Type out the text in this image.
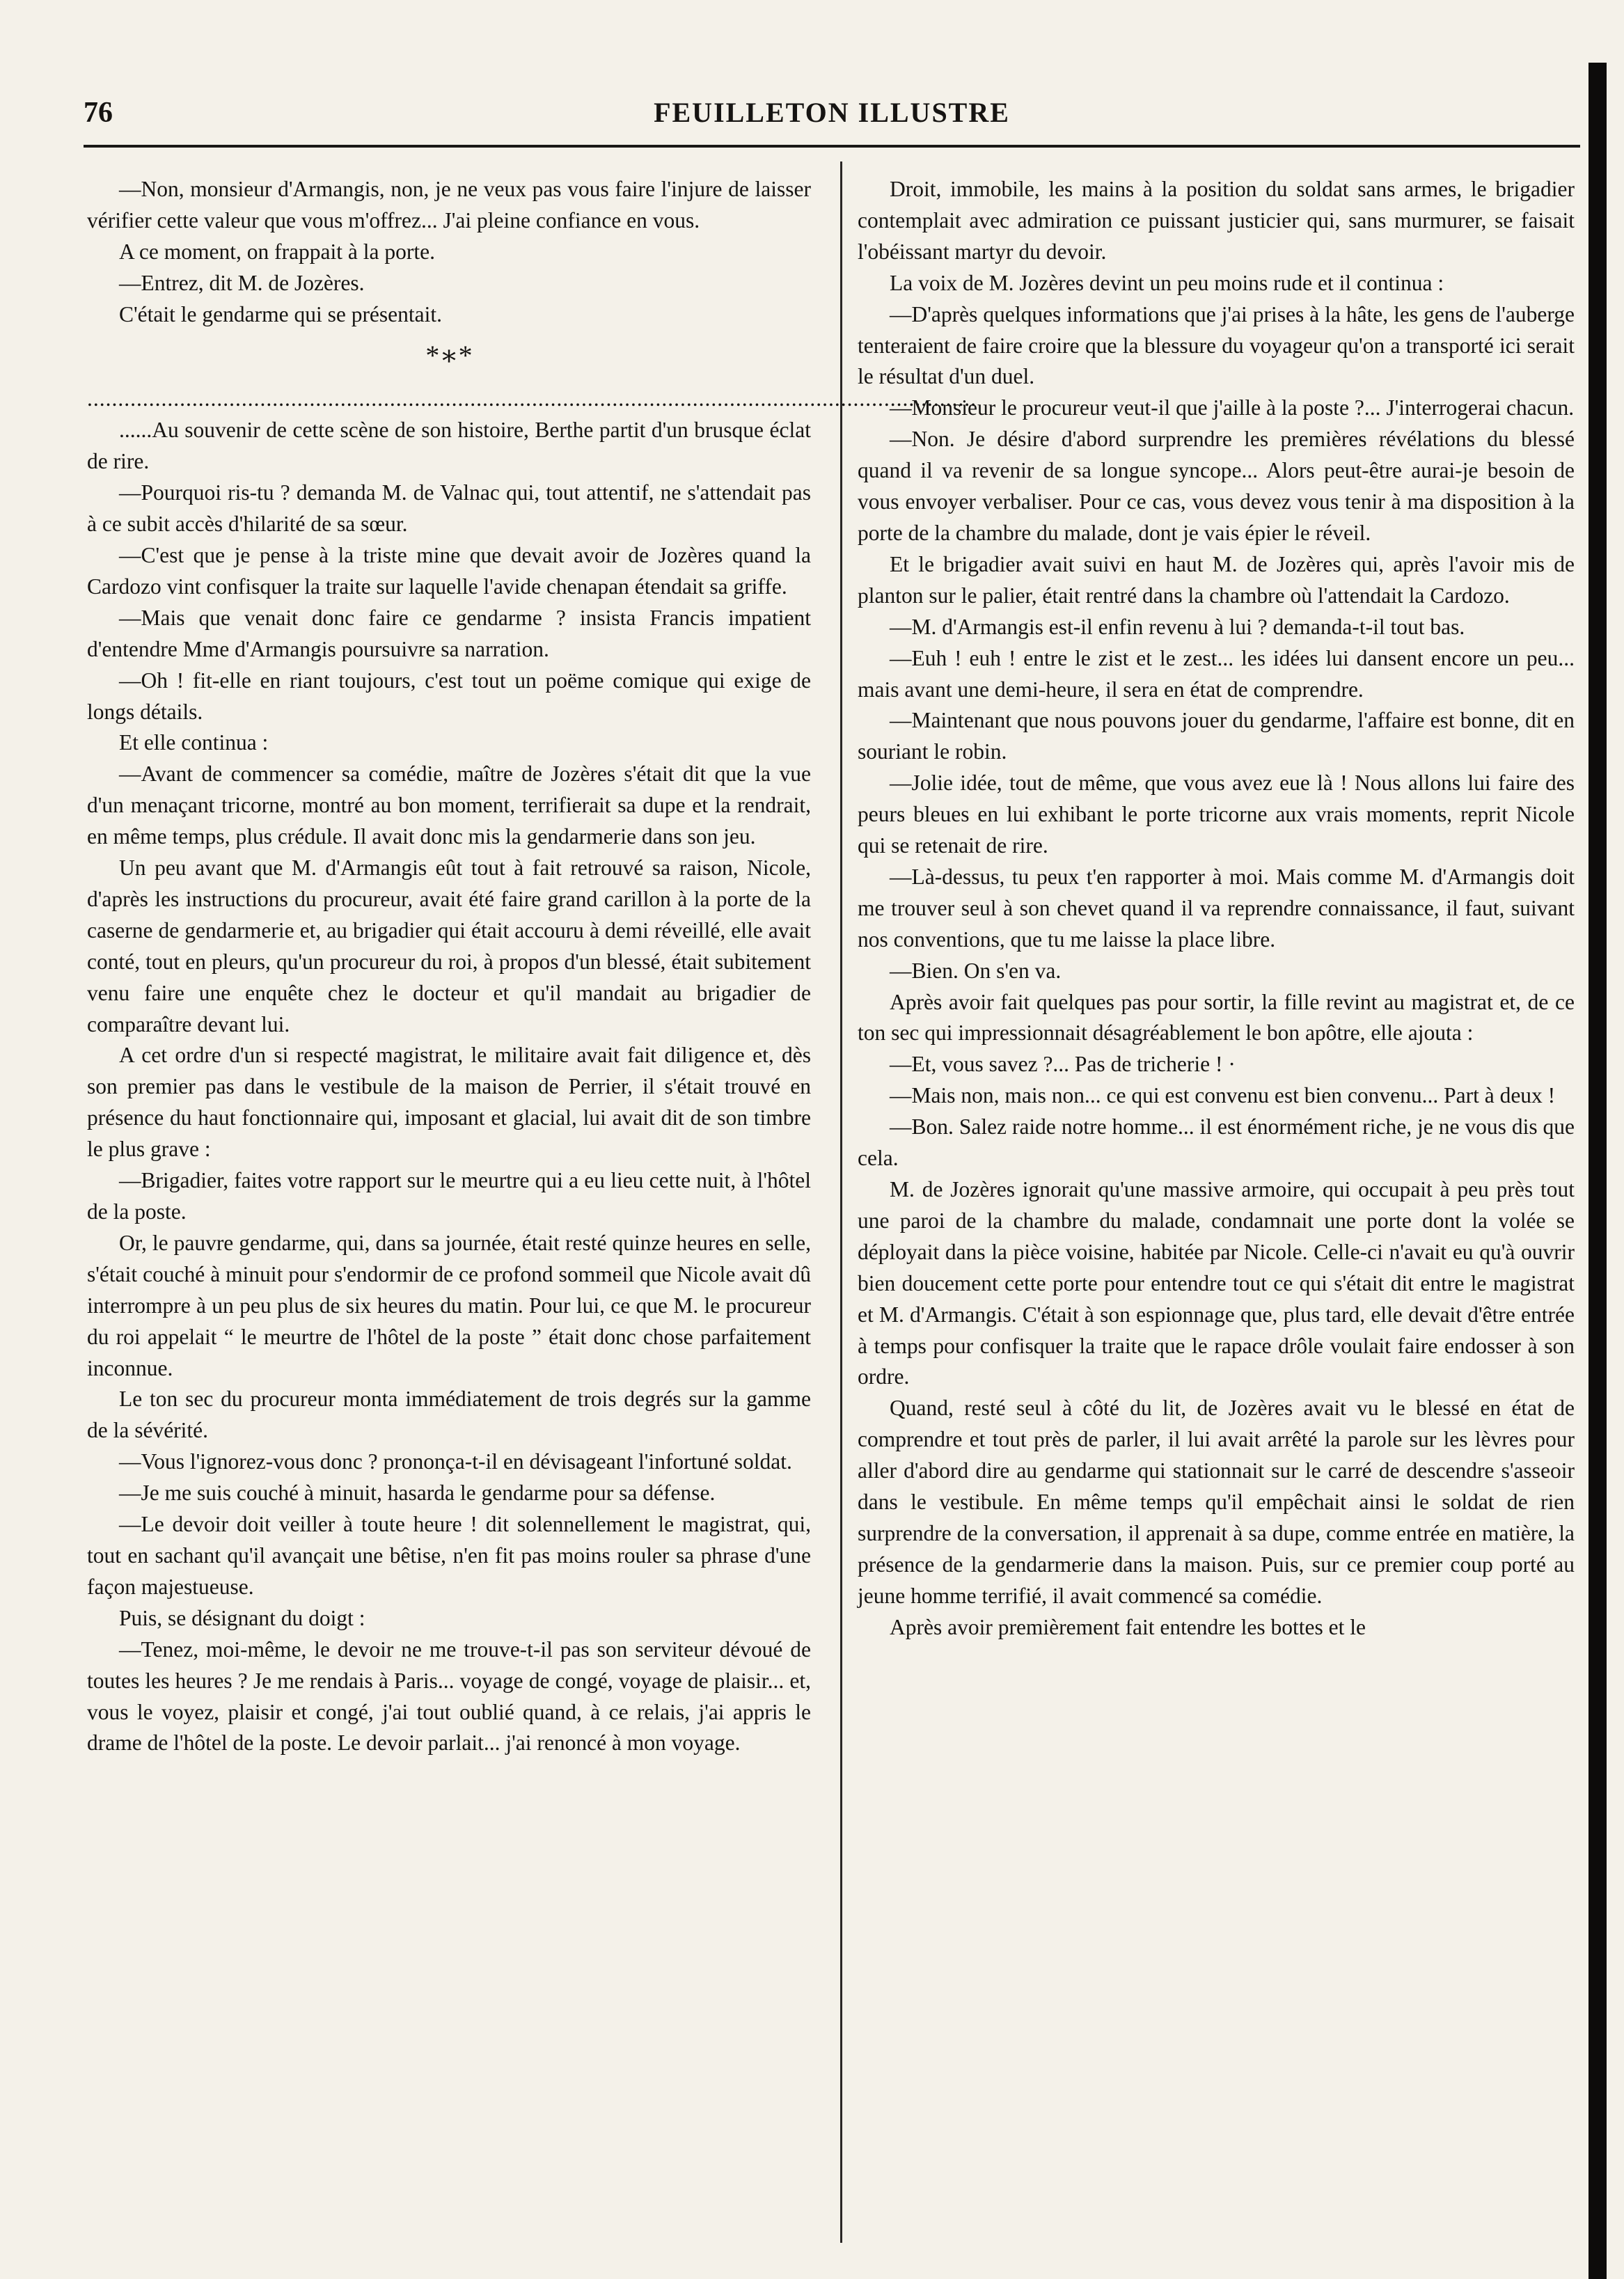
76	FEUILLETON ILLUSTRE

—Non, monsieur d'Armangis, non, je ne veux pas vous faire l'injure de laisser vérifier cette valeur que vous m'offrez... J'ai pleine confiance en vous.

A ce moment, on frappait à la porte.

—Entrez, dit M. de Jozères.

C'était le gendarme qui se présentait.

*∗*

................................................................................................................................................

......Au souvenir de cette scène de son histoire, Berthe partit d'un brusque éclat de rire.

—Pourquoi ris-tu ? demanda M. de Valnac qui, tout attentif, ne s'attendait pas à ce subit accès d'hilarité de sa sœur.

—C'est que je pense à la triste mine que devait avoir de Jozères quand la Cardozo vint confisquer la traite sur laquelle l'avide chenapan étendait sa griffe.

—Mais que venait donc faire ce gendarme ? insista Francis impatient d'entendre Mme d'Armangis poursuivre sa narration.

—Oh ! fit-elle en riant toujours, c'est tout un poëme comique qui exige de longs détails.

Et elle continua :

—Avant de commencer sa comédie, maître de Jozères s'était dit que la vue d'un menaçant tricorne, montré au bon moment, terrifierait sa dupe et la rendrait, en même temps, plus crédule. Il avait donc mis la gendarmerie dans son jeu.

Un peu avant que M. d'Armangis eût tout à fait retrouvé sa raison, Nicole, d'après les instructions du procureur, avait été faire grand carillon à la porte de la caserne de gendarmerie et, au brigadier qui était accouru à demi réveillé, elle avait conté, tout en pleurs, qu'un procureur du roi, à propos d'un blessé, était subitement venu faire une enquête chez le docteur et qu'il mandait au brigadier de comparaître devant lui.

A cet ordre d'un si respecté magistrat, le militaire avait fait diligence et, dès son premier pas dans le vestibule de la maison de Perrier, il s'était trouvé en présence du haut fonctionnaire qui, imposant et glacial, lui avait dit de son timbre le plus grave :

—Brigadier, faites votre rapport sur le meurtre qui a eu lieu cette nuit, à l'hôtel de la poste.

Or, le pauvre gendarme, qui, dans sa journée, était resté quinze heures en selle, s'était couché à minuit pour s'endormir de ce profond sommeil que Nicole avait dû interrompre à un peu plus de six heures du matin. Pour lui, ce que M. le procureur du roi appelait “ le meurtre de l'hôtel de la poste ” était donc chose parfaitement inconnue.

Le ton sec du procureur monta immédiatement de trois degrés sur la gamme de la sévérité.

—Vous l'ignorez-vous donc ? prononça-t-il en dévisageant l'infortuné soldat.

—Je me suis couché à minuit, hasarda le gendarme pour sa défense.

—Le devoir doit veiller à toute heure ! dit solennellement le magistrat, qui, tout en sachant qu'il avançait une bêtise, n'en fit pas moins rouler sa phrase d'une façon majestueuse.

Puis, se désignant du doigt :

—Tenez, moi-même, le devoir ne me trouve-t-il pas son serviteur dévoué de toutes les heures ? Je me rendais à Paris... voyage de congé, voyage de plaisir... et, vous le voyez, plaisir et congé, j'ai tout oublié quand, à ce relais, j'ai appris le drame de l'hôtel de la poste. Le devoir parlait... j'ai renoncé à mon voyage.

Droit, immobile, les mains à la position du soldat sans armes, le brigadier contemplait avec admiration ce puissant justicier qui, sans murmurer, se faisait l'obéissant martyr du devoir.

La voix de M. Jozères devint un peu moins rude et il continua :

—D'après quelques informations que j'ai prises à la hâte, les gens de l'auberge tenteraient de faire croire que la blessure du voyageur qu'on a transporté ici serait le résultat d'un duel.

—Monsieur le procureur veut-il que j'aille à la poste ?... J'interrogerai chacun.

—Non. Je désire d'abord surprendre les premières révélations du blessé quand il va revenir de sa longue syncope... Alors peut-être aurai-je besoin de vous envoyer verbaliser. Pour ce cas, vous devez vous tenir à ma disposition à la porte de la chambre du malade, dont je vais épier le réveil.

Et le brigadier avait suivi en haut M. de Jozères qui, après l'avoir mis de planton sur le palier, était rentré dans la chambre où l'attendait la Cardozo.

—M. d'Armangis est-il enfin revenu à lui ? demanda-t-il tout bas.

—Euh ! euh ! entre le zist et le zest... les idées lui dansent encore un peu... mais avant une demi-heure, il sera en état de comprendre.

—Maintenant que nous pouvons jouer du gendarme, l'affaire est bonne, dit en souriant le robin.

—Jolie idée, tout de même, que vous avez eue là ! Nous allons lui faire des peurs bleues en lui exhibant le porte tricorne aux vrais moments, reprit Nicole qui se retenait de rire.

—Là-dessus, tu peux t'en rapporter à moi. Mais comme M. d'Armangis doit me trouver seul à son chevet quand il va reprendre connaissance, il faut, suivant nos conventions, que tu me laisse la place libre.

—Bien. On s'en va.

Après avoir fait quelques pas pour sortir, la fille revint au magistrat et, de ce ton sec qui impressionnait désagréablement le bon apôtre, elle ajouta :

—Et, vous savez ?... Pas de tricherie ! ·

—Mais non, mais non... ce qui est convenu est bien convenu... Part à deux !

—Bon. Salez raide notre homme... il est énormément riche, je ne vous dis que cela.

M. de Jozères ignorait qu'une massive armoire, qui occupait à peu près tout une paroi de la chambre du malade, condamnait une porte dont la volée se déployait dans la pièce voisine, habitée par Nicole. Celle-ci n'avait eu qu'à ouvrir bien doucement cette porte pour entendre tout ce qui s'était dit entre le magistrat et M. d'Armangis. C'était à son espionnage que, plus tard, elle devait d'être entrée à temps pour confisquer la traite que le rapace drôle voulait faire endosser à son ordre.

Quand, resté seul à côté du lit, de Jozères avait vu le blessé en état de comprendre et tout près de parler, il lui avait arrêté la parole sur les lèvres pour aller d'abord dire au gendarme qui stationnait sur le carré de descendre s'asseoir dans le vestibule. En même temps qu'il empêchait ainsi le soldat de rien surprendre de la conversation, il apprenait à sa dupe, comme entrée en matière, la présence de la gendarmerie dans la maison. Puis, sur ce premier coup porté au jeune homme terrifié, il avait commencé sa comédie.

Après avoir premièrement fait entendre les bottes et le
